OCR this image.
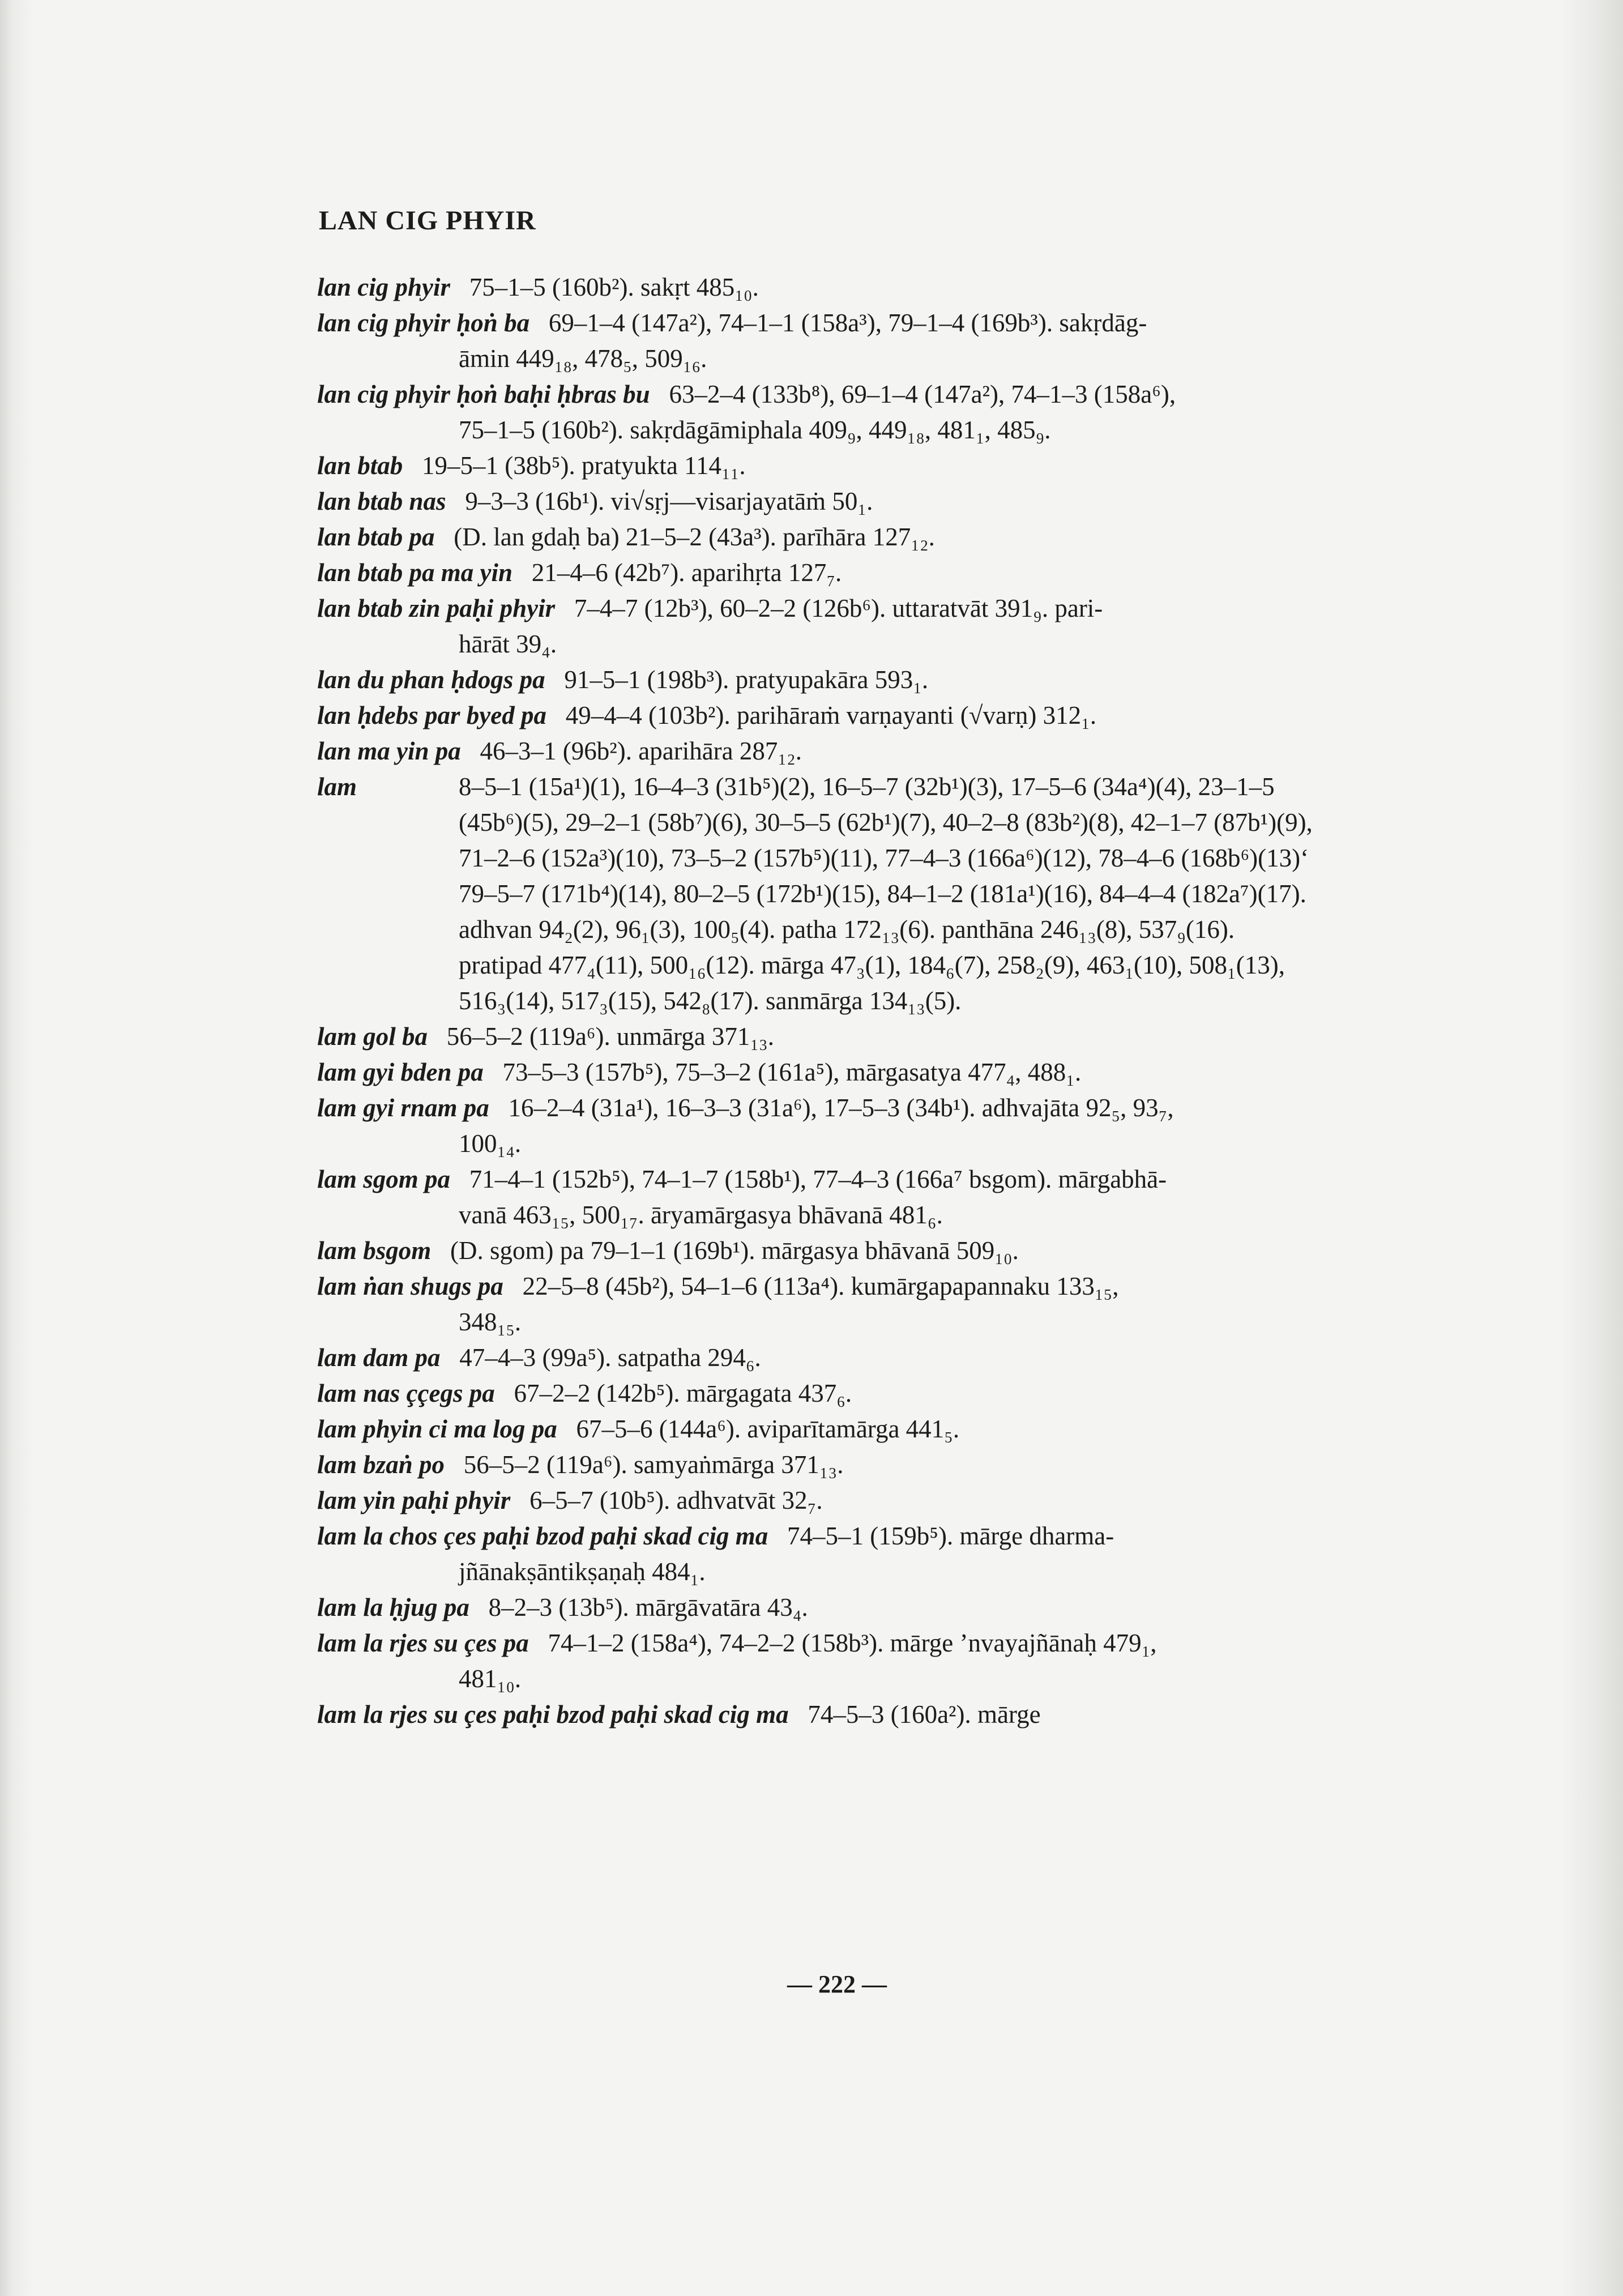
LAN CIG PHYIR
lan cig phyir  75–1–5 (160b²). sakṛt 485₁₀.
lan cig phyir ḥoṅ ba  69–1–4 (147a²), 74–1–1 (158a³), 79–1–4 (169b³). sakṛdāg-
āmin 449₁₈, 478₅, 509₁₆.
lan cig phyir ḥoṅ baḥi ḥbras bu  63–2–4 (133b⁸), 69–1–4 (147a²), 74–1–3 (158a⁶),
75–1–5 (160b²). sakṛdāgāmiphala 409₉, 449₁₈, 481₁, 485₉.
lan btab  19–5–1 (38b⁵). pratyukta 114₁₁.
lan btab nas  9–3–3 (16b¹). vi√sṛj—visarjayatāṁ 50₁.
lan btab pa  (D. lan gdaḥ ba) 21–5–2 (43a³). parīhāra 127₁₂.
lan btab pa ma yin  21–4–6 (42b⁷). aparihṛta 127₇.
lan btab zin paḥi phyir  7–4–7 (12b³), 60–2–2 (126b⁶). uttaratvāt 391₉. pari-
hārāt 39₄.
lan du phan ḥdogs pa  91–5–1 (198b³). pratyupakāra 593₁.
lan ḥdebs par byed pa  49–4–4 (103b²). parihāraṁ varṇayanti (√varṇ) 312₁.
lan ma yin pa  46–3–1 (96b²). aparihāra 287₁₂.
lam	8–5–1 (15a¹)(1), 16–4–3 (31b⁵)(2), 16–5–7 (32b¹)(3), 17–5–6 (34a⁴)(4), 23–1–5
(45b⁶)(5), 29–2–1 (58b⁷)(6), 30–5–5 (62b¹)(7), 40–2–8 (83b²)(8), 42–1–7 (87b¹)(9),
71–2–6 (152a³)(10), 73–5–2 (157b⁵)(11), 77–4–3 (166a⁶)(12), 78–4–6 (168b⁶)(13)‘
79–5–7 (171b⁴)(14), 80–2–5 (172b¹)(15), 84–1–2 (181a¹)(16), 84–4–4 (182a⁷)(17).
adhvan 94₂(2), 96₁(3), 100₅(4). patha 172₁₃(6). panthāna 246₁₃(8), 537₉(16).
pratipad 477₄(11), 500₁₆(12). mārga 47₃(1), 184₆(7), 258₂(9), 463₁(10), 508₁(13),
516₃(14), 517₃(15), 542₈(17). sanmārga 134₁₃(5).
lam gol ba  56–5–2 (119a⁶). unmārga 371₁₃.
lam gyi bden pa  73–5–3 (157b⁵), 75–3–2 (161a⁵), mārgasatya 477₄, 488₁.
lam gyi rnam pa  16–2–4 (31a¹), 16–3–3 (31a⁶), 17–5–3 (34b¹). adhvajāta 92₅, 93₇,
100₁₄.
lam sgom pa  71–4–1 (152b⁵), 74–1–7 (158b¹), 77–4–3 (166a⁷ bsgom). mārgabhā-
vanā 463₁₅, 500₁₇. āryamārgasya bhāvanā 481₆.
lam bsgom  (D. sgom) pa 79–1–1 (169b¹). mārgasya bhāvanā 509₁₀.
lam ṅan shugs pa  22–5–8 (45b²), 54–1–6 (113a⁴). kumārgapapannaku 133₁₅,
348₁₅.
lam dam pa  47–4–3 (99a⁵). satpatha 294₆.
lam nas ççegs pa  67–2–2 (142b⁵). mārgagata 437₆.
lam phyin ci ma log pa  67–5–6 (144a⁶). aviparītamārga 441₅.
lam bzaṅ po  56–5–2 (119a⁶). samyaṅmārga 371₁₃.
lam yin paḥi phyir  6–5–7 (10b⁵). adhvatvāt 32₇.
lam la chos çes paḥi bzod paḥi skad cig ma  74–5–1 (159b⁵). mārge dharma-
jñānakṣāntikṣaṇaḥ 484₁.
lam la ḥjug pa  8–2–3 (13b⁵). mārgāvatāra 43₄.
lam la rjes su çes pa  74–1–2 (158a⁴), 74–2–2 (158b³). mārge ’nvayajñānaḥ 479₁,
481₁₀.
lam la rjes su çes paḥi bzod paḥi skad cig ma  74–5–3 (160a²). mārge
— 222 —
